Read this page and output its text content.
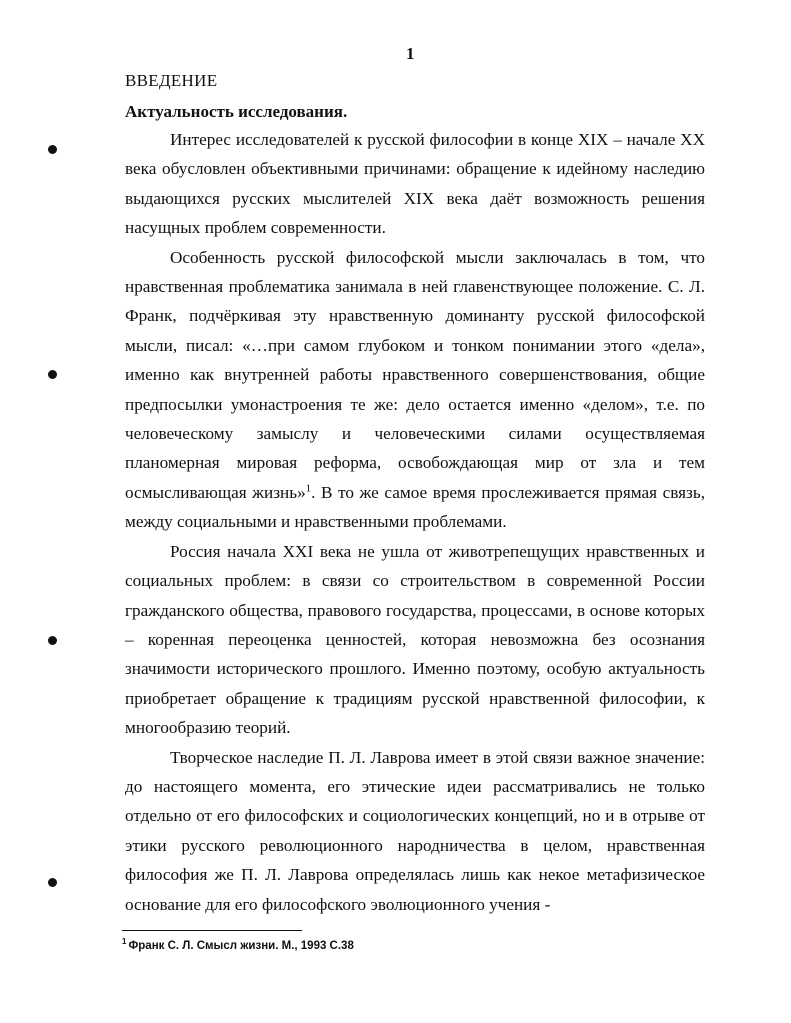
1
ВВЕДЕНИЕ
Актуальность исследования.

Интерес исследователей к русской философии в конце XIX – начале XX века обусловлен объективными причинами: обращение к идейному наследию выдающихся русских мыслителей XIX века даёт возможность решения насущных проблем современности.

Особенность русской философской мысли заключалась в том, что нравственная проблематика занимала в ней главенствующее положение. С. Л. Франк, подчёркивая эту нравственную доминанту русской философской мысли, писал: «…при самом глубоком и тонком понимании этого «дела», именно как внутренней работы нравственного совершенствования, общие предпосылки умонастроения те же: дело остается именно «делом», т.е. по человеческому замыслу и человеческими силами осуществляемая планомерная мировая реформа, освобождающая мир от зла и тем осмысливающая жизнь»$^1$. В то же самое время прослеживается прямая связь, между социальными и нравственными проблемами.

Россия начала XXI века не ушла от животрепещущих нравственных и социальных проблем: в связи со строительством в современной России гражданского общества, правового государства, процессами, в основе которых – коренная переоценка ценностей, которая невозможна без осознания значимости исторического прошлого. Именно поэтому, особую актуальность приобретает обращение к традициям русской нравственной философии, к многообразию теорий.

Творческое наследие П. Л. Лаврова имеет в этой связи важное значение: до настоящего момента, его этические идеи рассматривались не только отдельно от его философских и социологических концепций, но и в отрыве от этики русского революционного народничества в целом, нравственная философия же П. Л. Лаврова определялась лишь как некое метафизическое основание для его философского эволюционного учения -

$^1$ Франк С. Л. Смысл жизни. М., 1993 С.38
